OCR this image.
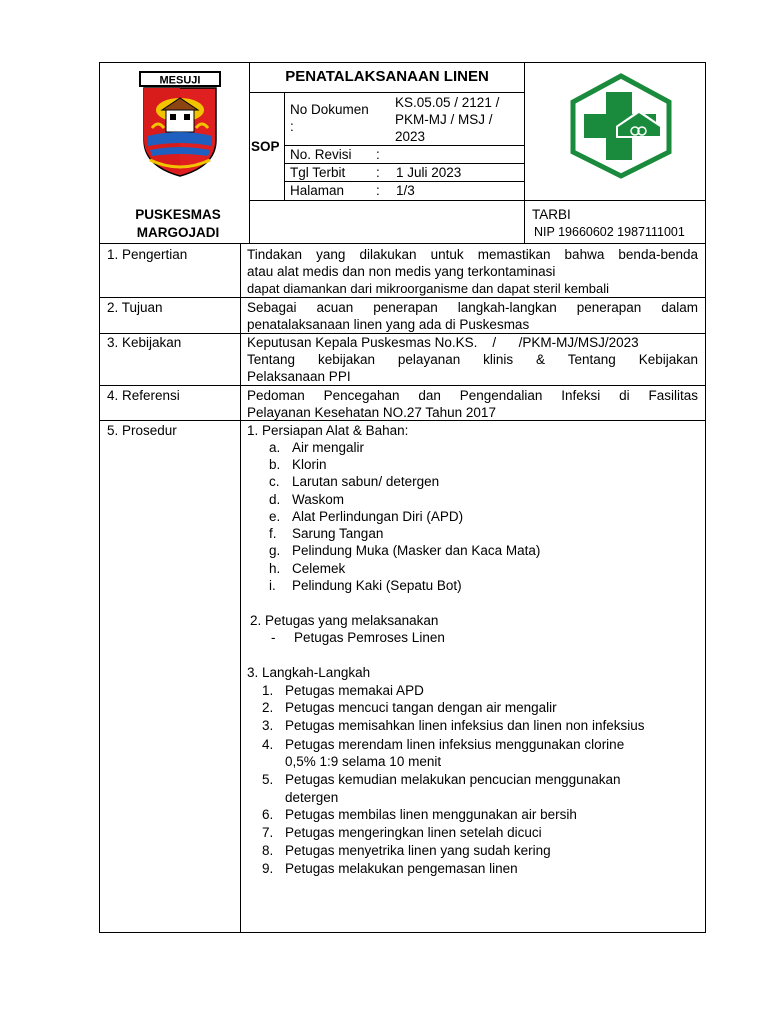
MESUJI
PUSKESMAS
MARGOJADI
PENATALAKSANAAN LINEN
SOP
No Dokumen
:
KS.05.05 / 2121 /
PKM-MJ / MSJ /
2023
No. Revisi :
Tgl Terbit : 1 Juli 2023
Halaman : 1/3
TARBI
NIP 19660602 1987111001
1. Pengertian	Tindakan yang dilakukan untuk memastikan bahwa benda-benda
atau alat medis dan non medis yang terkontaminasi
dapat diamankan dari mikroorganisme dan dapat steril kembali
2. Tujuan	Sebagai acuan penerapan langkah-langkan penerapan dalam
penatalaksanaan linen yang ada di Puskesmas
3. Kebijakan	Keputusan Kepala Puskesmas No.KS.    /      /PKM-MJ/MSJ/2023
Tentang kebijakan pelayanan klinis & Tentang Kebijakan
Pelaksanaan PPI
4. Referensi	Pedoman Pencegahan dan Pengendalian Infeksi di Fasilitas
Pelayanan Kesehatan NO.27 Tahun 2017
5. Prosedur	1. Persiapan Alat & Bahan:
a. Air mengalir
b. Klorin
c. Larutan sabun/ detergen
d. Waskom
e. Alat Perlindungan Diri (APD)
f. Sarung Tangan
g. Pelindung Muka (Masker dan Kaca Mata)
h. Celemek
i. Pelindung Kaki (Sepatu Bot)
2. Petugas yang melaksanakan
- Petugas Pemroses Linen
3. Langkah-Langkah
1. Petugas memakai APD
2. Petugas mencuci tangan dengan air mengalir
3. Petugas memisahkan linen infeksius dan linen non infeksius
4. Petugas merendam linen infeksius menggunakan clorine
0,5% 1:9 selama 10 menit
5. Petugas kemudian melakukan pencucian menggunakan
detergen
6. Petugas membilas linen menggunakan air bersih
7. Petugas mengeringkan linen setelah dicuci
8. Petugas menyetrika linen yang sudah kering
9. Petugas melakukan pengemasan linen
